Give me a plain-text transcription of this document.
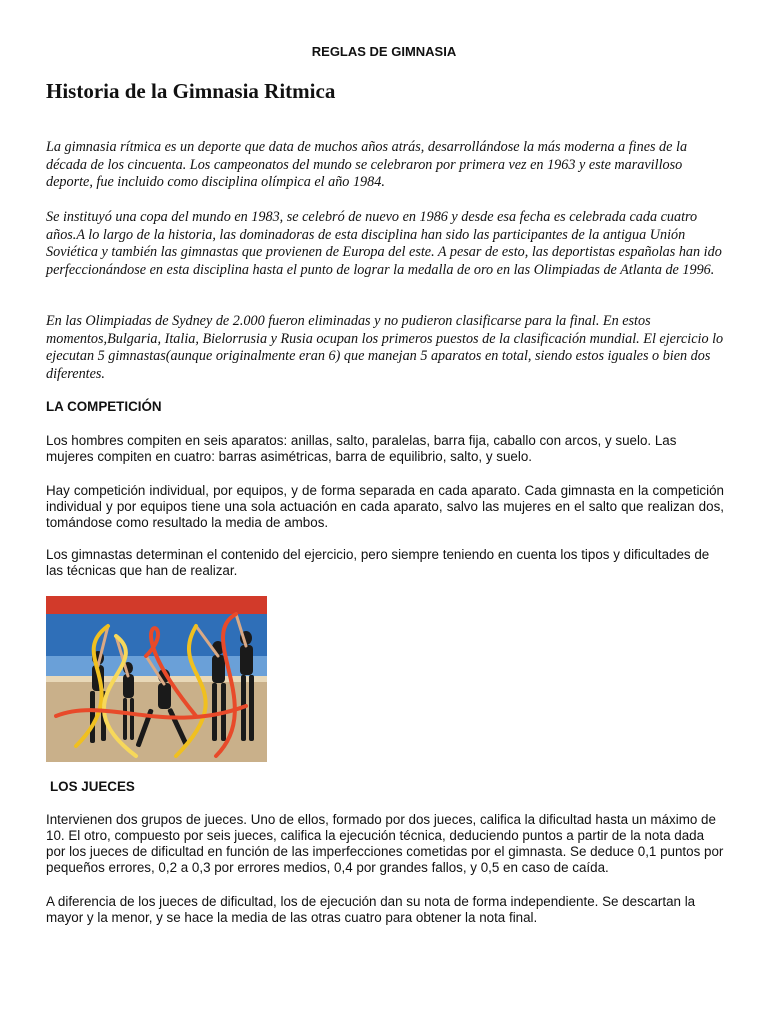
REGLAS DE GIMNASIA
Historia de la Gimnasia Ritmica
La gimnasia rítmica es un deporte que data de muchos años atrás, desarrollándose la más moderna a fines de la década de los cincuenta. Los campeonatos del mundo se celebraron por primera vez en 1963 y este maravilloso deporte, fue incluido como disciplina olímpica el año 1984.
Se instituyó una copa del mundo en 1983, se celebró de nuevo en 1986 y desde esa fecha es celebrada cada cuatro años.A lo largo de la historia, las dominadoras de esta disciplina han sido las participantes de la antigua Unión Soviética y también las gimnastas que provienen de Europa del este. A pesar de esto, las deportistas españolas han ido perfeccionándose en esta disciplina hasta el punto de lograr la medalla de oro en las Olimpiadas de Atlanta de 1996.
En las Olimpiadas de Sydney de 2.000 fueron eliminadas y no pudieron clasificarse para la final. En estos momentos,Bulgaria, Italia, Bielorrusia y Rusia ocupan los primeros puestos de la clasificación mundial. El ejercicio lo ejecutan 5 gimnastas(aunque originalmente eran 6) que manejan 5 aparatos en total, siendo estos iguales o bien dos diferentes.
LA COMPETICIÓN
Los hombres compiten en seis aparatos: anillas, salto, paralelas, barra fija, caballo con arcos, y suelo. Las mujeres compiten en cuatro: barras asimétricas, barra de equilibrio, salto, y suelo.
Hay competición individual, por equipos, y de forma separada en cada aparato. Cada gimnasta en la competición individual y por equipos tiene una sola actuación en cada aparato, salvo las mujeres en el salto que realizan dos, tomándose como resultado la media de ambos.
Los gimnastas determinan el contenido del ejercicio, pero siempre teniendo en cuenta los tipos y dificultades de las técnicas que han de realizar.
LOS JUECES
Intervienen dos grupos de jueces. Uno de ellos, formado por dos jueces, califica la dificultad hasta un máximo de 10. El otro, compuesto por seis jueces, califica la ejecución técnica, deduciendo puntos a partir de la nota dada por los jueces de dificultad en función de las imperfecciones cometidas por el gimnasta. Se deduce 0,1 puntos por pequeños errores, 0,2 a 0,3 por errores medios, 0,4 por grandes fallos, y 0,5 en caso de caída.
A diferencia de los jueces de dificultad, los de ejecución dan su nota de forma independiente. Se descartan la mayor y la menor, y se hace la media de las otras cuatro para obtener la nota final.
